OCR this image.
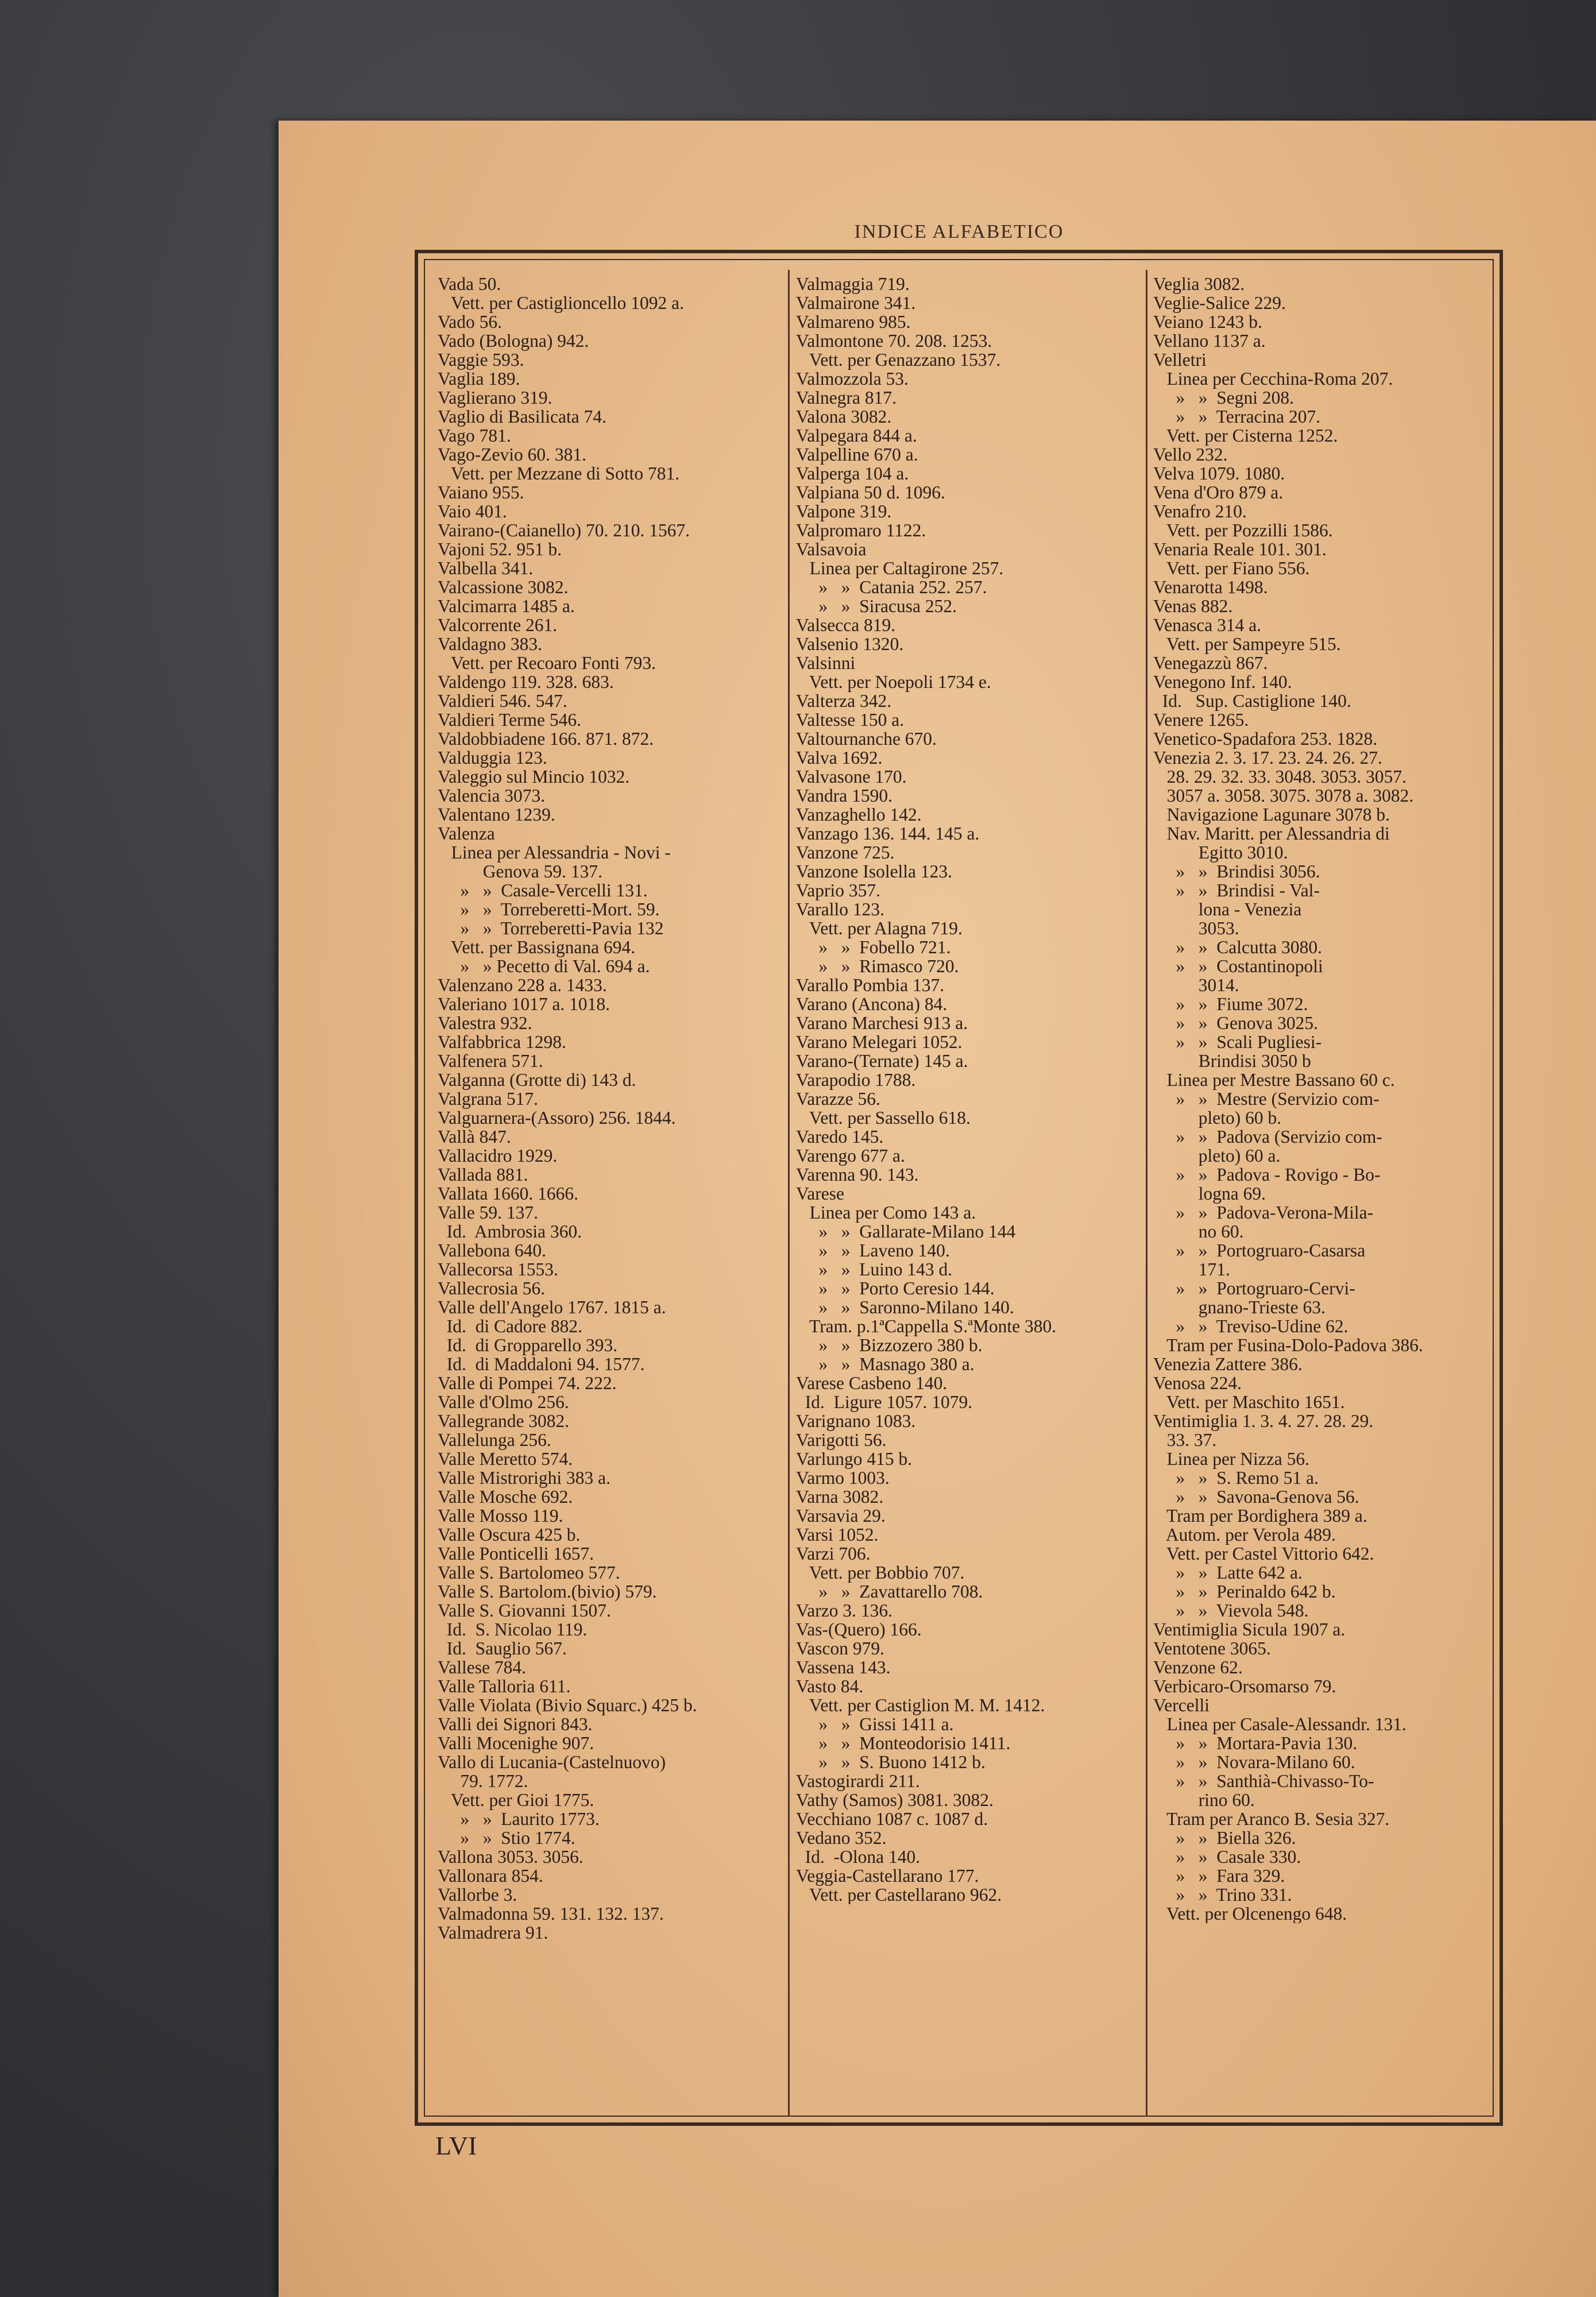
INDICE ALFABETICO
Vada 50.
Vett. per Castiglioncello 1092 a.
Vado 56.
Vado (Bologna) 942.
Vaggie 593.
Vaglia 189.
Vaglierano 319.
Vaglio di Basilicata 74.
Vago 781.
Vago-Zevio 60. 381.
Vett. per Mezzane di Sotto 781.
Vaiano 955.
Vaio 401.
Vairano-(Caianello) 70. 210. 1567.
Vajoni 52. 951 b.
Valbella 341.
Valcassione 3082.
Valcimarra 1485 a.
Valcorrente 261.
Valdagno 383.
Vett. per Recoaro Fonti 793.
Valdengo 119. 328. 683.
Valdieri 546. 547.
Valdieri Terme 546.
Valdobbiadene 166. 871. 872.
Valduggia 123.
Valeggio sul Mincio 1032.
Valencia 3073.
Valentano 1239.
Valenza
Linea per Alessandria - Novi -
Genova 59. 137.
»   »  Casale-Vercelli 131.
»   »  Torreberetti-Mort. 59.
»   »  Torreberetti-Pavia 132
Vett. per Bassignana 694.
»   » Pecetto di Val. 694 a.
Valenzano 228 a. 1433.
Valeriano 1017 a. 1018.
Valestra 932.
Valfabbrica 1298.
Valfenera 571.
Valganna (Grotte di) 143 d.
Valgrana 517.
Valguarnera-(Assoro) 256. 1844.
Vallà 847.
Vallacidro 1929.
Vallada 881.
Vallata 1660. 1666.
Valle 59. 137.
Id.  Ambrosia 360.
Vallebona 640.
Vallecorsa 1553.
Vallecrosia 56.
Valle dell'Angelo 1767. 1815 a.
Id.  di Cadore 882.
Id.  di Gropparello 393.
Id.  di Maddaloni 94. 1577.
Valle di Pompei 74. 222.
Valle d'Olmo 256.
Vallegrande 3082.
Vallelunga 256.
Valle Meretto 574.
Valle Mistrorighi 383 a.
Valle Mosche 692.
Valle Mosso 119.
Valle Oscura 425 b.
Valle Ponticelli 1657.
Valle S. Bartolomeo 577.
Valle S. Bartolom.(bivio) 579.
Valle S. Giovanni 1507.
Id.  S. Nicolao 119.
Id.  Sauglio 567.
Vallese 784.
Valle Talloria 611.
Valle Violata (Bivio Squarc.) 425 b.
Valli dei Signori 843.
Valli Mocenighe 907.
Vallo di Lucania-(Castelnuovo)
79. 1772.
Vett. per Gioi 1775.
»   »  Laurito 1773.
»   »  Stio 1774.
Vallona 3053. 3056.
Vallonara 854.
Vallorbe 3.
Valmadonna 59. 131. 132. 137.
Valmadrera 91.
Valmaggia 719.
Valmairone 341.
Valmareno 985.
Valmontone 70. 208. 1253.
Vett. per Genazzano 1537.
Valmozzola 53.
Valnegra 817.
Valona 3082.
Valpegara 844 a.
Valpelline 670 a.
Valperga 104 a.
Valpiana 50 d. 1096.
Valpone 319.
Valpromaro 1122.
Valsavoia
Linea per Caltagirone 257.
»   »  Catania 252. 257.
»   »  Siracusa 252.
Valsecca 819.
Valsenio 1320.
Valsinni
Vett. per Noepoli 1734 e.
Valterza 342.
Valtesse 150 a.
Valtournanche 670.
Valva 1692.
Valvasone 170.
Vandra 1590.
Vanzaghello 142.
Vanzago 136. 144. 145 a.
Vanzone 725.
Vanzone Isolella 123.
Vaprio 357.
Varallo 123.
Vett. per Alagna 719.
»   »  Fobello 721.
»   »  Rimasco 720.
Varallo Pombia 137.
Varano (Ancona) 84.
Varano Marchesi 913 a.
Varano Melegari 1052.
Varano-(Ternate) 145 a.
Varapodio 1788.
Varazze 56.
Vett. per Sassello 618.
Varedo 145.
Varengo 677 a.
Varenna 90. 143.
Varese
Linea per Como 143 a.
»   »  Gallarate-Milano 144
»   »  Laveno 140.
»   »  Luino 143 d.
»   »  Porto Ceresio 144.
»   »  Saronno-Milano 140.
Tram. p.1ªCappella S.ªMonte 380.
»   »  Bizzozero 380 b.
»   »  Masnago 380 a.
Varese Casbeno 140.
Id.  Ligure 1057. 1079.
Varignano 1083.
Varigotti 56.
Varlungo 415 b.
Varmo 1003.
Varna 3082.
Varsavia 29.
Varsi 1052.
Varzi 706.
Vett. per Bobbio 707.
»   »  Zavattarello 708.
Varzo 3. 136.
Vas-(Quero) 166.
Vascon 979.
Vassena 143.
Vasto 84.
Vett. per Castiglion M. M. 1412.
»   »  Gissi 1411 a.
»   »  Monteodorisio 1411.
»   »  S. Buono 1412 b.
Vastogirardi 211.
Vathy (Samos) 3081. 3082.
Vecchiano 1087 c. 1087 d.
Vedano 352.
Id.  -Olona 140.
Veggia-Castellarano 177.
Vett. per Castellarano 962.
Veglia 3082.
Veglie-Salice 229.
Veiano 1243 b.
Vellano 1137 a.
Velletri
Linea per Cecchina-Roma 207.
»   »  Segni 208.
»   »  Terracina 207.
Vett. per Cisterna 1252.
Vello 232.
Velva 1079. 1080.
Vena d'Oro 879 a.
Venafro 210.
Vett. per Pozzilli 1586.
Venaria Reale 101. 301.
Vett. per Fiano 556.
Venarotta 1498.
Venas 882.
Venasca 314 a.
Vett. per Sampeyre 515.
Venegazzù 867.
Venegono Inf. 140.
Id.   Sup. Castiglione 140.
Venere 1265.
Venetico-Spadafora 253. 1828.
Venezia 2. 3. 17. 23. 24. 26. 27.
28. 29. 32. 33. 3048. 3053. 3057.
3057 a. 3058. 3075. 3078 a. 3082.
Navigazione Lagunare 3078 b.
Nav. Maritt. per Alessandria di
Egitto 3010.
»   »  Brindisi 3056.
»   »  Brindisi - Val-
lona - Venezia
3053.
»   »  Calcutta 3080.
»   »  Costantinopoli
3014.
»   »  Fiume 3072.
»   »  Genova 3025.
»   »  Scali Pugliesi-
Brindisi 3050 b
Linea per Mestre Bassano 60 c.
»   »  Mestre (Servizio com-
pleto) 60 b.
»   »  Padova (Servizio com-
pleto) 60 a.
»   »  Padova - Rovigo - Bo-
logna 69.
»   »  Padova-Verona-Mila-
no 60.
»   »  Portogruaro-Casarsa
171.
»   »  Portogruaro-Cervi-
gnano-Trieste 63.
»   »  Treviso-Udine 62.
Tram per Fusina-Dolo-Padova 386.
Venezia Zattere 386.
Venosa 224.
Vett. per Maschito 1651.
Ventimiglia 1. 3. 4. 27. 28. 29.
33. 37.
Linea per Nizza 56.
»   »  S. Remo 51 a.
»   »  Savona-Genova 56.
Tram per Bordighera 389 a.
Autom. per Verola 489.
Vett. per Castel Vittorio 642.
»   »  Latte 642 a.
»   »  Perinaldo 642 b.
»   »  Vievola 548.
Ventimiglia Sicula 1907 a.
Ventotene 3065.
Venzone 62.
Verbicaro-Orsomarso 79.
Vercelli
Linea per Casale-Alessandr. 131.
»   »  Mortara-Pavia 130.
»   »  Novara-Milano 60.
»   »  Santhià-Chivasso-To-
rino 60.
Tram per Aranco B. Sesia 327.
»   »  Biella 326.
»   »  Casale 330.
»   »  Fara 329.
»   »  Trino 331.
Vett. per Olcenengo 648.
LVI
